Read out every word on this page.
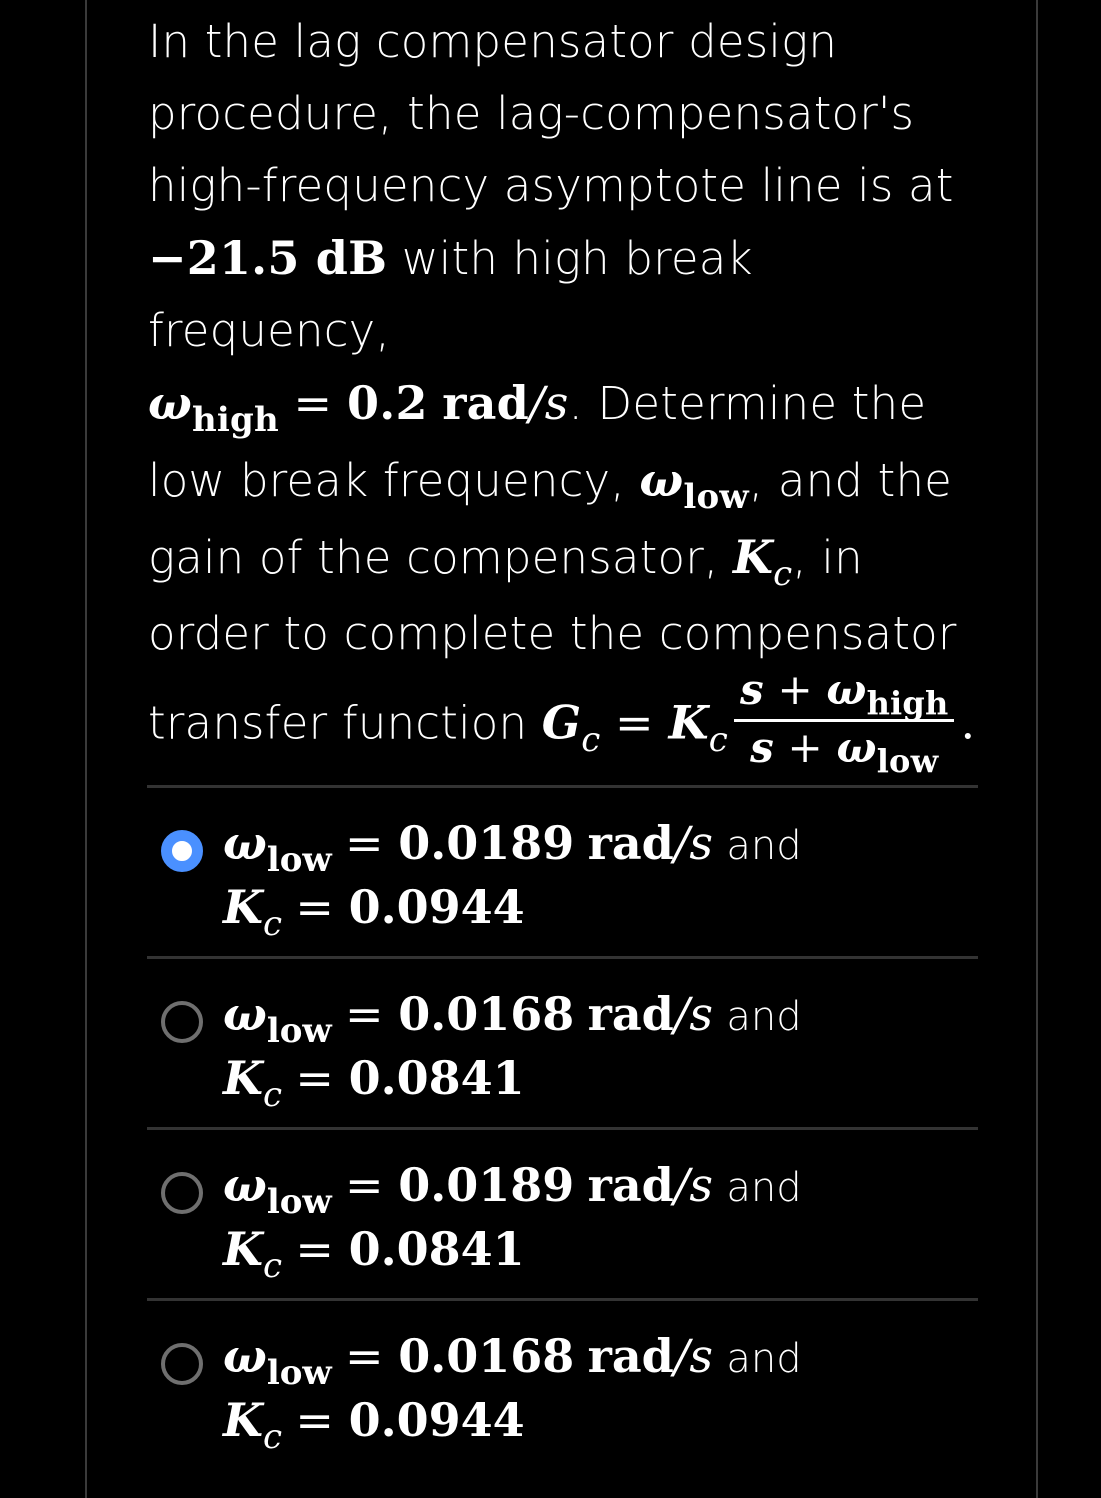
In the lag compensator design procedure, the lag-compensator's high-frequency asymptote line is at
−21.5 dB with high break frequency,
$\omega_{high} = 0.2$ rad/s. Determine the low break frequency, $\omega_{low}$, and the gain of the compensator, $K_c$, in order to complete the compensator transfer function $G_c = K_c \frac{s + \omega_{high}}{s + \omega_{low}}$ .
$\omega_{low} = 0.0189$ rad/s and
$K_c = 0.0944$
$\omega_{low} = 0.0168$ rad/s and
$K_c = 0.0841$
$\omega_{low} = 0.0189$ rad/s and
$K_c = 0.0841$
$\omega_{low} = 0.0168$ rad/s and
$K_c = 0.0944$
